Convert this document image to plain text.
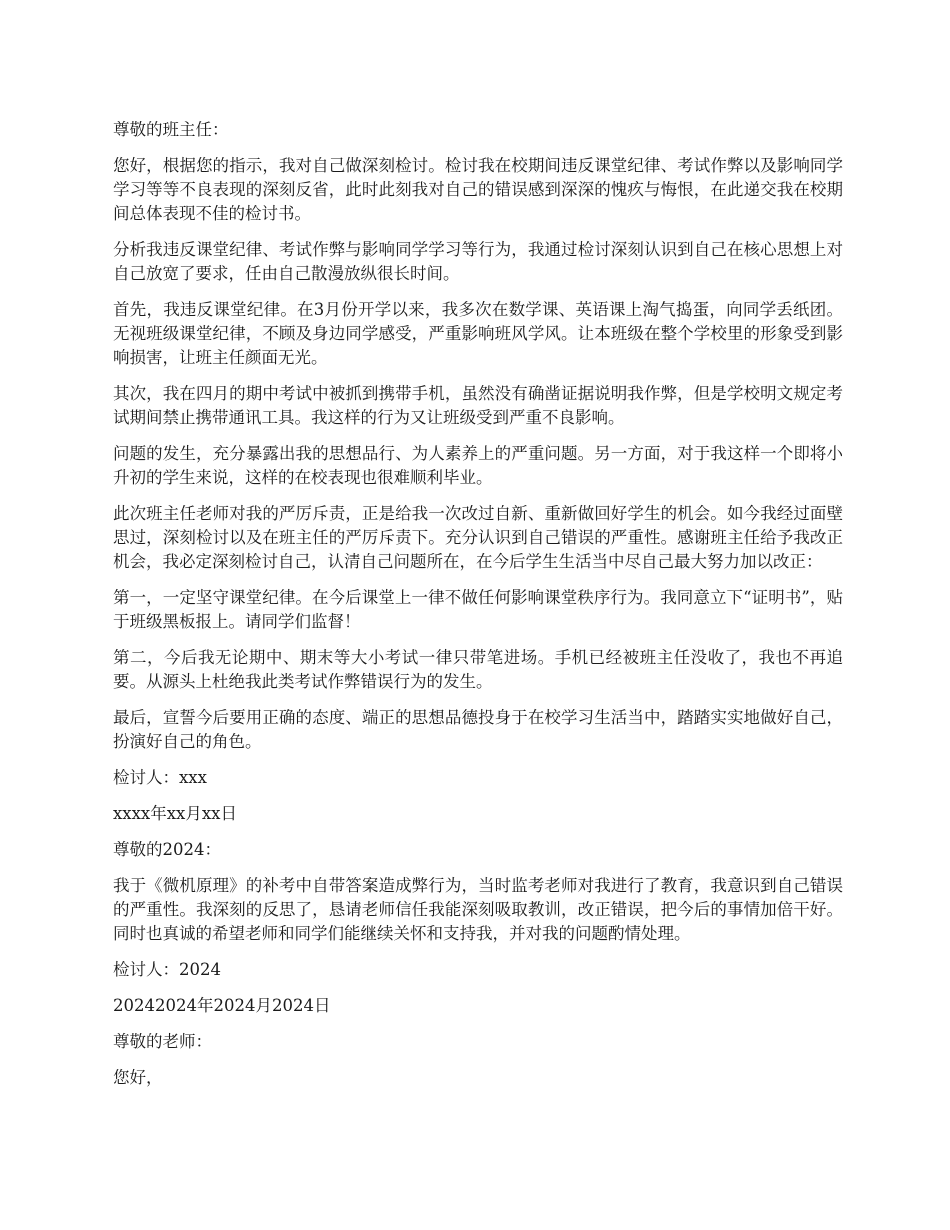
尊敬的班主任：

您好，根据您的指示，我对自己做深刻检讨。检讨我在校期间违反课堂纪律、考试作弊以及影响同学学习等等不良表现的深刻反省，此时此刻我对自己的错误感到深深的愧疚与悔恨，在此递交我在校期间总体表现不佳的检讨书。

分析我违反课堂纪律、考试作弊与影响同学学习等行为，我通过检讨深刻认识到自己在核心思想上对自己放宽了要求，任由自己散漫放纵很长时间。

首先，我违反课堂纪律。在3月份开学以来，我多次在数学课、英语课上淘气捣蛋，向同学丢纸团。无视班级课堂纪律，不顾及身边同学感受，严重影响班风学风。让本班级在整个学校里的形象受到影响损害，让班主任颜面无光。

其次，我在四月的期中考试中被抓到携带手机，虽然没有确凿证据说明我作弊，但是学校明文规定考试期间禁止携带通讯工具。我这样的行为又让班级受到严重不良影响。

问题的发生，充分暴露出我的思想品行、为人素养上的严重问题。另一方面，对于我这样一个即将小升初的学生来说，这样的在校表现也很难顺利毕业。

此次班主任老师对我的严厉斥责，正是给我一次改过自新、重新做回好学生的机会。如今我经过面壁思过，深刻检讨以及在班主任的严厉斥责下。充分认识到自己错误的严重性。感谢班主任给予我改正机会，我必定深刻检讨自己，认清自己问题所在，在今后学生生活当中尽自己最大努力加以改正：

第一，一定坚守课堂纪律。在今后课堂上一律不做任何影响课堂秩序行为。我同意立下“证明书”，贴于班级黑板报上。请同学们监督！

第二，今后我无论期中、期末等大小考试一律只带笔进场。手机已经被班主任没收了，我也不再追要。从源头上杜绝我此类考试作弊错误行为的发生。

最后，宣誓今后要用正确的态度、端正的思想品德投身于在校学习生活当中，踏踏实实地做好自己，扮演好自己的角色。

检讨人：xxx

xxxx年xx月xx日

尊敬的2024：

我于《微机原理》的补考中自带答案造成弊行为，当时监考老师对我进行了教育，我意识到自己错误的严重性。我深刻的反思了，恳请老师信任我能深刻吸取教训，改正错误，把今后的事情加倍干好。同时也真诚的希望老师和同学们能继续关怀和支持我，并对我的问题酌情处理。

检讨人：2024

20242024年2024月2024日

尊敬的老师：

您好，
